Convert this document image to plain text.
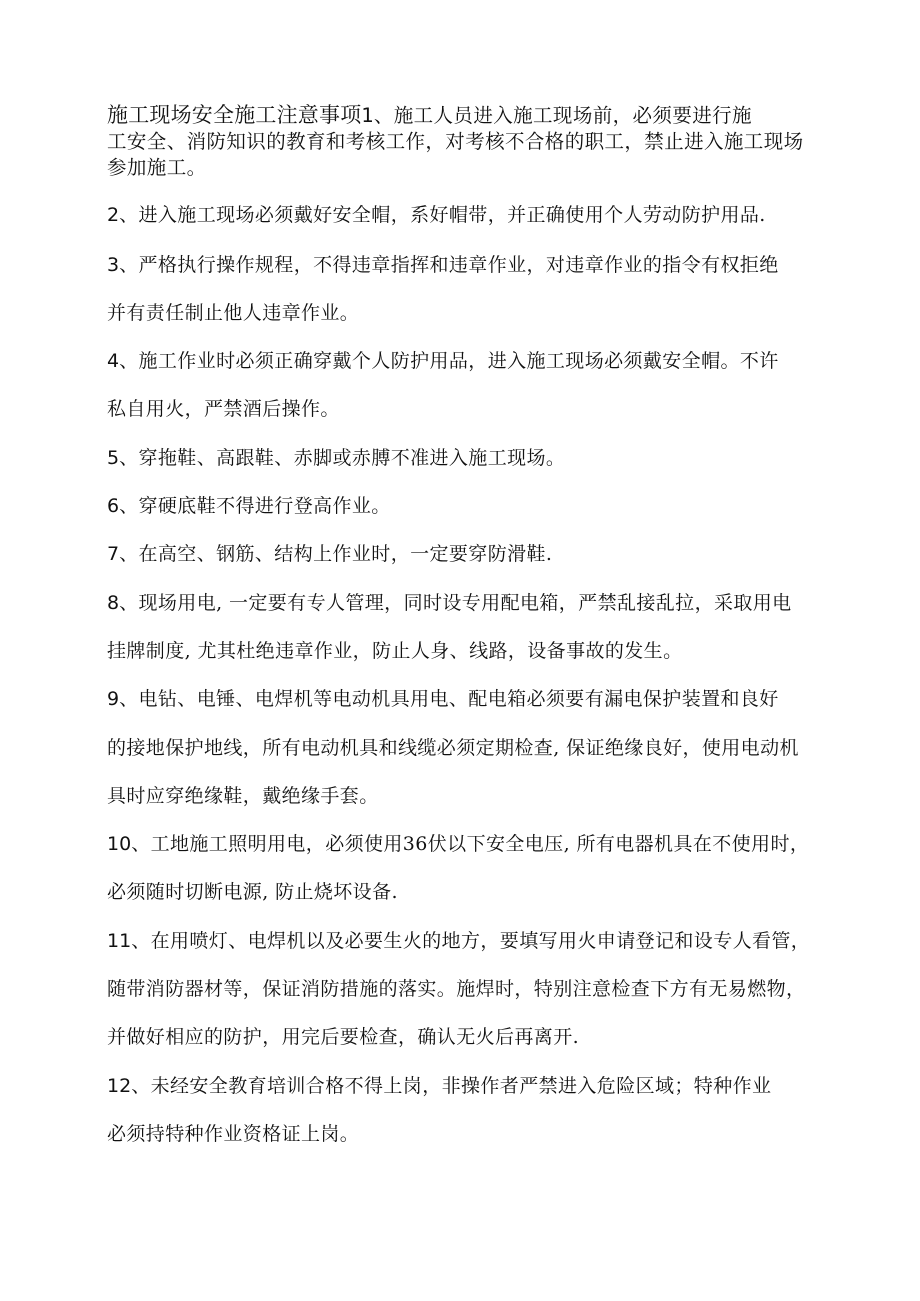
施工现场安全施工注意事项1、施工人员进入施工现场前，必须要进行施
工安全、消防知识的教育和考核工作，对考核不合格的职工，禁止进入施工现场
参加施工。
2、进入施工现场必须戴好安全帽，系好帽带，并正确使用个人劳动防护用品.
3、严格执行操作规程，不得违章指挥和违章作业，对违章作业的指令有权拒绝
并有责任制止他人违章作业。
4、施工作业时必须正确穿戴个人防护用品，进入施工现场必须戴安全帽。不许
私自用火，严禁酒后操作。
5、穿拖鞋、高跟鞋、赤脚或赤膊不准进入施工现场。
6、穿硬底鞋不得进行登高作业。
7、在高空、钢筋、结构上作业时，一定要穿防滑鞋.
8、现场用电, 一定要有专人管理，同时设专用配电箱，严禁乱接乱拉，采取用电
挂牌制度, 尤其杜绝违章作业，防止人身、线路，设备事故的发生。
9、电钻、电锤、电焊机等电动机具用电、配电箱必须要有漏电保护装置和良好
的接地保护地线，所有电动机具和线缆必须定期检查, 保证绝缘良好，使用电动机
具时应穿绝缘鞋，戴绝缘手套。
10、工地施工照明用电，必须使用36伏以下安全电压, 所有电器机具在不使用时，
必须随时切断电源, 防止烧坏设备.
11、在用喷灯、电焊机以及必要生火的地方，要填写用火申请登记和设专人看管，
随带消防器材等，保证消防措施的落实。施焊时，特别注意检查下方有无易燃物，
并做好相应的防护，用完后要检查，确认无火后再离开.
12、未经安全教育培训合格不得上岗，非操作者严禁进入危险区域；特种作业
必须持特种作业资格证上岗。
